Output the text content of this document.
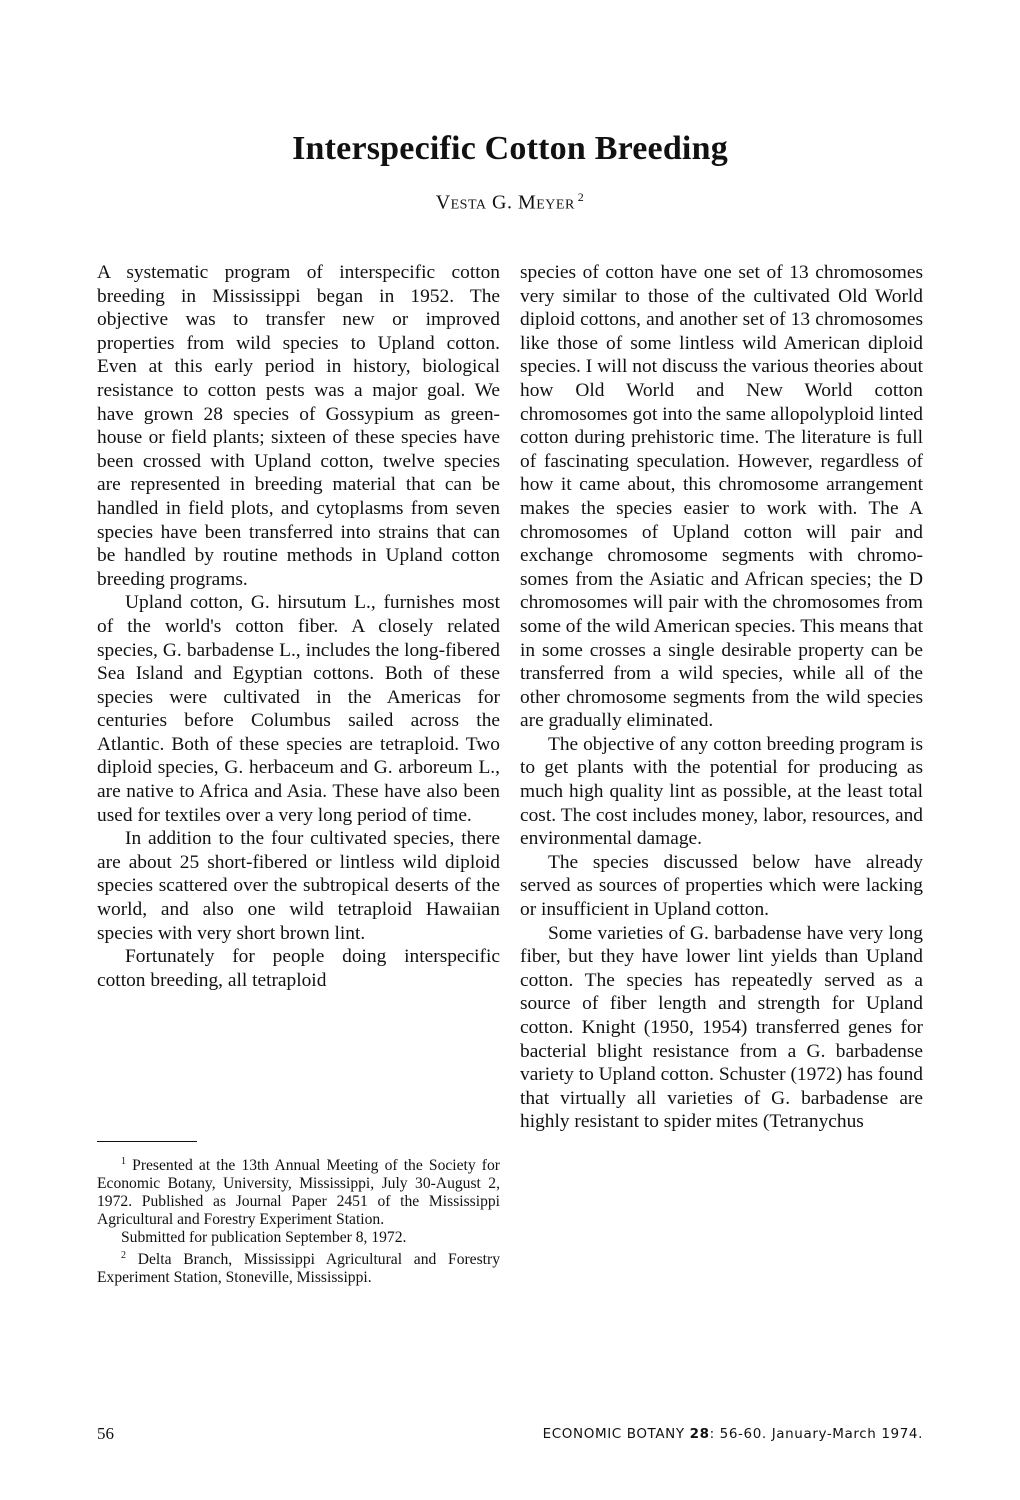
Interspecific Cotton Breeding
Vesta G. Meyer $^2$

A systematic program of interspecific cotton breeding in Mississippi began in 1952. The objective was to transfer new or improved properties from wild species to Upland cotton. Even at this early period in history, biological resistance to cotton pests was a major goal. We have grown 28 species of Gossypium as greenhouse or field plants; sixteen of these species have been crossed with Upland cotton, twelve species are represented in breeding material that can be handled in field plots, and cytoplasms from seven species have been transferred into strains that can be handled by routine methods in Upland cotton breeding programs.

Upland cotton, G. hirsutum L., furnishes most of the world's cotton fiber. A closely related species, G. barbadense L., includes the long-fibered Sea Island and Egyptian cottons. Both of these species were cultivated in the Americas for centuries before Columbus sailed across the Atlantic. Both of these species are tetraploid. Two diploid species, G. herbaceum and G. arboreum L., are native to Africa and Asia. These have also been used for textiles over a very long period of time.

In addition to the four cultivated species, there are about 25 short-fibered or lintless wild diploid species scattered over the subtropical deserts of the world, and also one wild tetraploid Hawaiian species with very short brown lint.

Fortunately for people doing interspecific cotton breeding, all tetraploid

species of cotton have one set of 13 chromosomes very similar to those of the cultivated Old World diploid cottons, and another set of 13 chromosomes like those of some lintless wild American diploid species. I will not discuss the various theories about how Old World and New World cotton chromosomes got into the same allopolyploid linted cotton during prehistoric time. The literature is full of fascinating speculation. However, regardless of how it came about, this chromosome arrangement makes the species easier to work with. The A chromosomes of Upland cotton will pair and exchange chromosome segments with chromosomes from the Asiatic and African species; the D chromosomes will pair with the chromosomes from some of the wild American species. This means that in some crosses a single desirable property can be transferred from a wild species, while all of the other chromosome segments from the wild species are gradually eliminated.

The objective of any cotton breeding program is to get plants with the potential for producing as much high quality lint as possible, at the least total cost. The cost includes money, labor, resources, and environmental damage.

The species discussed below have already served as sources of properties which were lacking or insufficient in Upland cotton.

Some varieties of G. barbadense have very long fiber, but they have lower lint yields than Upland cotton. The species has repeatedly served as a source of fiber length and strength for Upland cotton. Knight (1950, 1954) transferred genes for bacterial blight resistance from a G. barbadense variety to Upland cotton. Schuster (1972) has found that virtually all varieties of G. barbadense are highly resistant to spider mites (Tetranychus

$^1$ Presented at the 13th Annual Meeting of the Society for Economic Botany, University, Mississippi, July 30-August 2, 1972. Published as Journal Paper 2451 of the Mississippi Agricultural and Forestry Experiment Station.

Submitted for publication September 8, 1972.

$^2$ Delta Branch, Mississippi Agricultural and Forestry Experiment Station, Stoneville, Mississippi.

56	ECONOMIC BOTANY 28: 56-60. January-March 1974.
